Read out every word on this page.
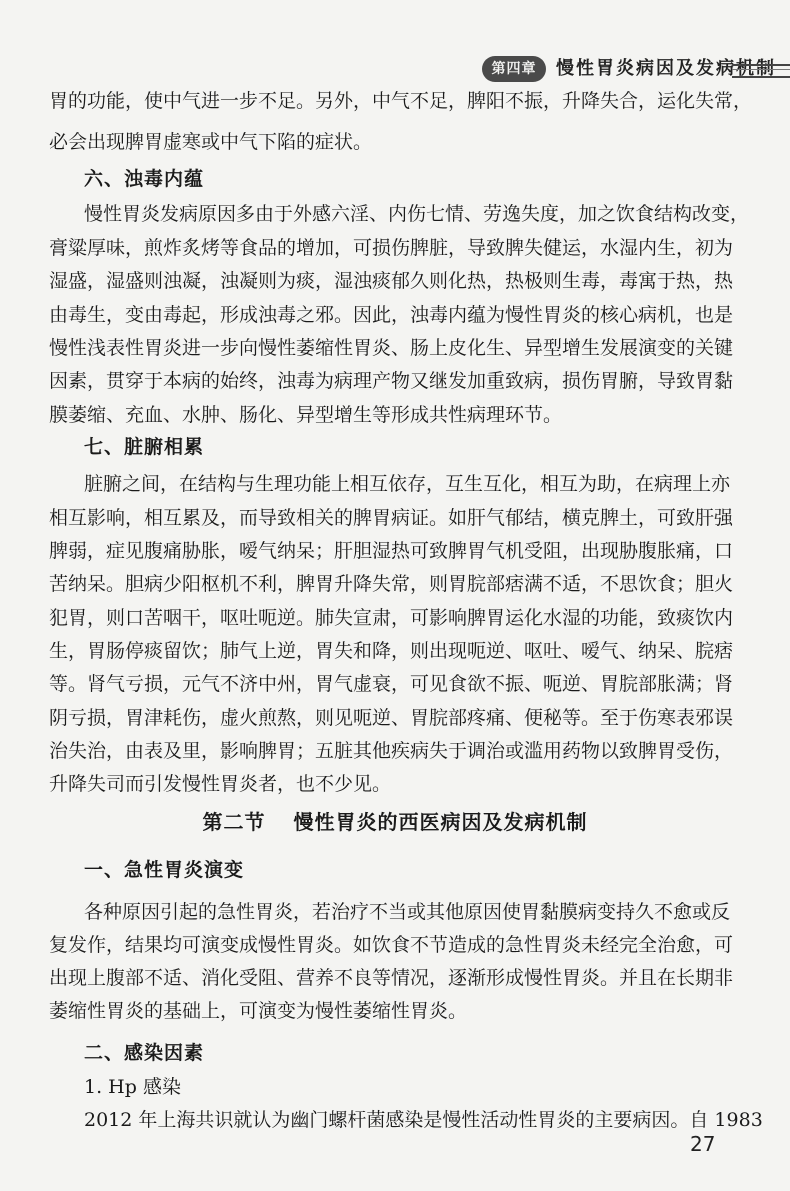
第四章	慢性胃炎病因及发病机制
胃的功能，使中气进一步不足。另外，中气不足，脾阳不振，升降失合，运化失常，
必会出现脾胃虚寒或中气下陷的症状。
六、浊毒内蕴
慢性胃炎发病原因多由于外感六淫、内伤七情、劳逸失度，加之饮食结构改变，
膏粱厚味，煎炸炙烤等食品的增加，可损伤脾脏，导致脾失健运，水湿内生，初为
湿盛，湿盛则浊凝，浊凝则为痰，湿浊痰郁久则化热，热极则生毒，毒寓于热，热
由毒生，变由毒起，形成浊毒之邪。因此，浊毒内蕴为慢性胃炎的核心病机，也是
慢性浅表性胃炎进一步向慢性萎缩性胃炎、肠上皮化生、异型增生发展演变的关键
因素，贯穿于本病的始终，浊毒为病理产物又继发加重致病，损伤胃腑，导致胃黏
膜萎缩、充血、水肿、肠化、异型增生等形成共性病理环节。
七、脏腑相累
脏腑之间，在结构与生理功能上相互依存，互生互化，相互为助，在病理上亦
相互影响，相互累及，而导致相关的脾胃病证。如肝气郁结，横克脾土，可致肝强
脾弱，症见腹痛胁胀，嗳气纳呆；肝胆湿热可致脾胃气机受阻，出现胁腹胀痛，口
苦纳呆。胆病少阳枢机不利，脾胃升降失常，则胃脘部痞满不适，不思饮食；胆火
犯胃，则口苦咽干，呕吐呃逆。肺失宣肃，可影响脾胃运化水湿的功能，致痰饮内
生，胃肠停痰留饮；肺气上逆，胃失和降，则出现呃逆、呕吐、嗳气、纳呆、脘痞
等。肾气亏损，元气不济中州，胃气虚衰，可见食欲不振、呃逆、胃脘部胀满；肾
阴亏损，胃津耗伤，虚火煎熬，则见呃逆、胃脘部疼痛、便秘等。至于伤寒表邪误
治失治，由表及里，影响脾胃；五脏其他疾病失于调治或滥用药物以致脾胃受伤，
升降失司而引发慢性胃炎者，也不少见。
第二节 慢性胃炎的西医病因及发病机制
一、急性胃炎演变
各种原因引起的急性胃炎，若治疗不当或其他原因使胃黏膜病变持久不愈或反
复发作，结果均可演变成慢性胃炎。如饮食不节造成的急性胃炎未经完全治愈，可
出现上腹部不适、消化受阻、营养不良等情况，逐渐形成慢性胃炎。并且在长期非
萎缩性胃炎的基础上，可演变为慢性萎缩性胃炎。
二、感染因素
1. Hp 感染
2012 年上海共识就认为幽门螺杆菌感染是慢性活动性胃炎的主要病因。自 1983
27
